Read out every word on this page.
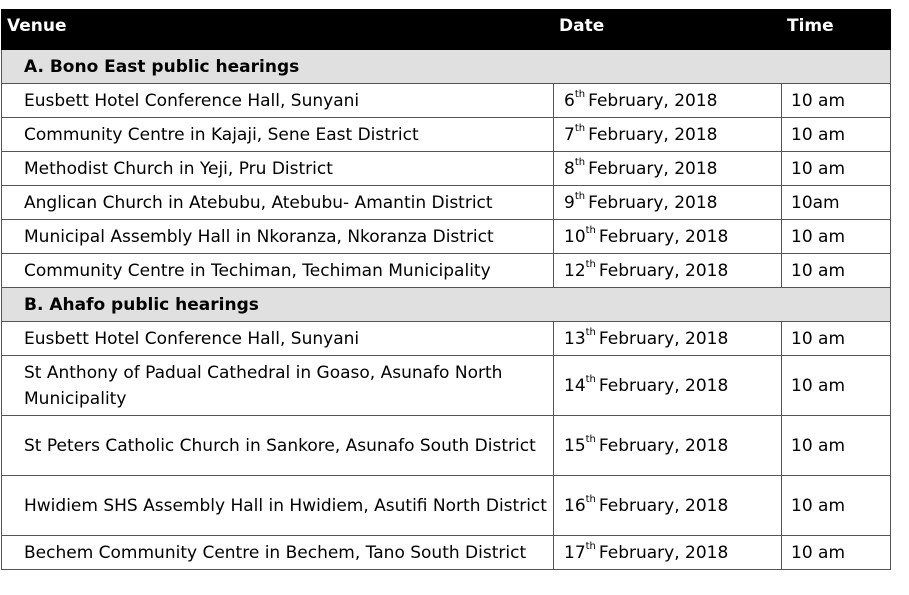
Venue	Date	Time
A. Bono East public hearings		
Eusbett Hotel Conference Hall, Sunyani	6th February, 2018	10 am
Community Centre in Kajaji, Sene East District	7th February, 2018	10 am
Methodist Church in Yeji, Pru District	8th February, 2018	10 am
Anglican Church in Atebubu, Atebubu- Amantin District	9th February, 2018	10am
Municipal Assembly Hall in Nkoranza, Nkoranza District	10th February, 2018	10 am
Community Centre in Techiman, Techiman Municipality	12th February, 2018	10 am
B. Ahafo public hearings		
Eusbett Hotel Conference Hall, Sunyani	13th February, 2018	10 am
St Anthony of Padual Cathedral in Goaso, Asunafo North Municipality	14th February, 2018	10 am
St Peters Catholic Church in Sankore, Asunafo South District	15th February, 2018	10 am
Hwidiem SHS Assembly Hall in Hwidiem, Asutifi North District	16th February, 2018	10 am
Bechem Community Centre in Bechem, Tano South District	17th February, 2018	10 am
